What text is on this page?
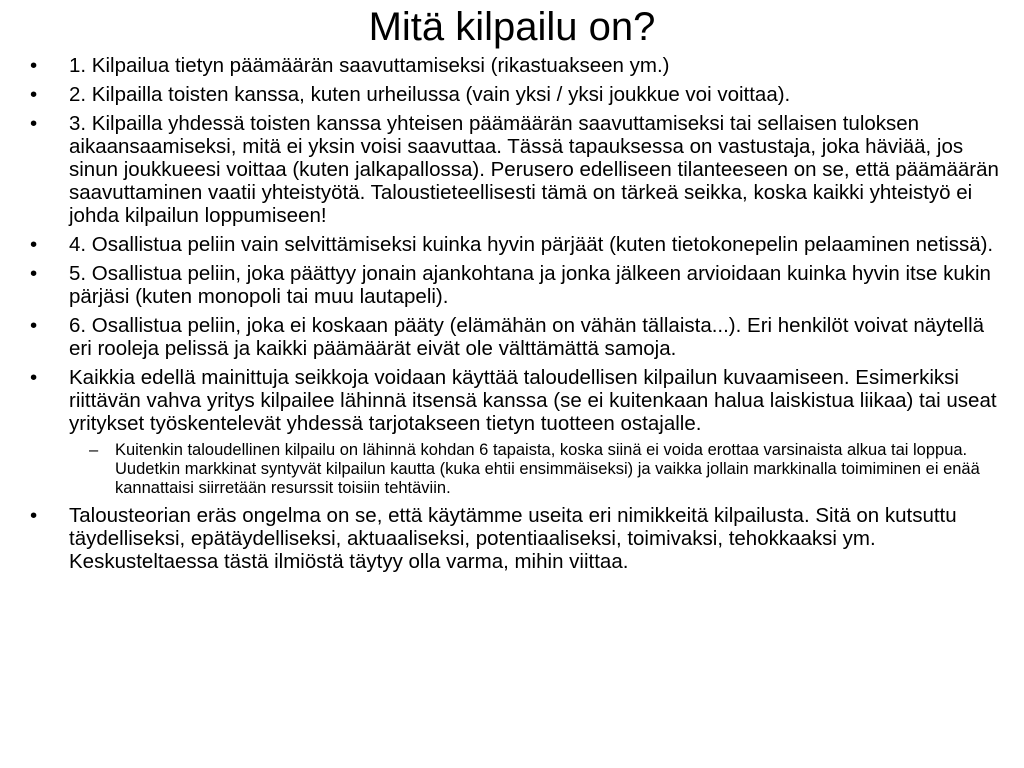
Mitä kilpailu on?
• 1. Kilpailua tietyn päämäärän saavuttamiseksi (rikastuakseen ym.)
• 2. Kilpailla toisten kanssa, kuten urheilussa (vain yksi / yksi joukkue voi voittaa).
• 3. Kilpailla yhdessä toisten kanssa yhteisen päämäärän saavuttamiseksi tai sellaisen tuloksen aikaansaamiseksi, mitä ei yksin voisi saavuttaa. Tässä tapauksessa on vastustaja, joka häviää, jos sinun joukkueesi voittaa (kuten jalkapallossa). Perusero edelliseen tilanteeseen on se, että päämäärän saavuttaminen vaatii yhteistyötä. Taloustieteellisesti tämä on tärkeä seikka, koska kaikki yhteistyö ei johda kilpailun loppumiseen!
• 4. Osallistua peliin vain selvittämiseksi kuinka hyvin pärjäät (kuten tietokonepelin pelaaminen netissä).
• 5. Osallistua peliin, joka päättyy jonain ajankohtana ja jonka jälkeen arvioidaan kuinka hyvin itse kukin pärjäsi (kuten monopoli tai muu lautapeli).
• 6. Osallistua peliin, joka ei koskaan pääty (elämähän on vähän tällaista...). Eri henkilöt voivat näytellä eri rooleja pelissä ja kaikki päämäärät eivät ole välttämättä samoja.
• Kaikkia edellä mainittuja seikkoja voidaan käyttää taloudellisen kilpailun kuvaamiseen. Esimerkiksi riittävän vahva yritys kilpailee lähinnä itsensä kanssa (se ei kuitenkaan halua laiskistua liikaa) tai useat yritykset työskentelevät yhdessä tarjotakseen tietyn tuotteen ostajalle.
– Kuitenkin taloudellinen kilpailu on lähinnä kohdan 6 tapaista, koska siinä ei voida erottaa varsinaista alkua tai loppua. Uudetkin markkinat syntyvät kilpailun kautta (kuka ehtii ensimmäiseksi) ja vaikka jollain markkinalla toimiminen ei enää kannattaisi siirretään resurssit toisiin tehtäviin.
• Talousteorian eräs ongelma on se, että käytämme useita eri nimikkeitä kilpailusta. Sitä on kutsuttu täydelliseksi, epätäydelliseksi, aktuaaliseksi, potentiaaliseksi, toimivaksi, tehokkaaksi ym. Keskusteltaessa tästä ilmiöstä täytyy olla varma, mihin viittaa.
